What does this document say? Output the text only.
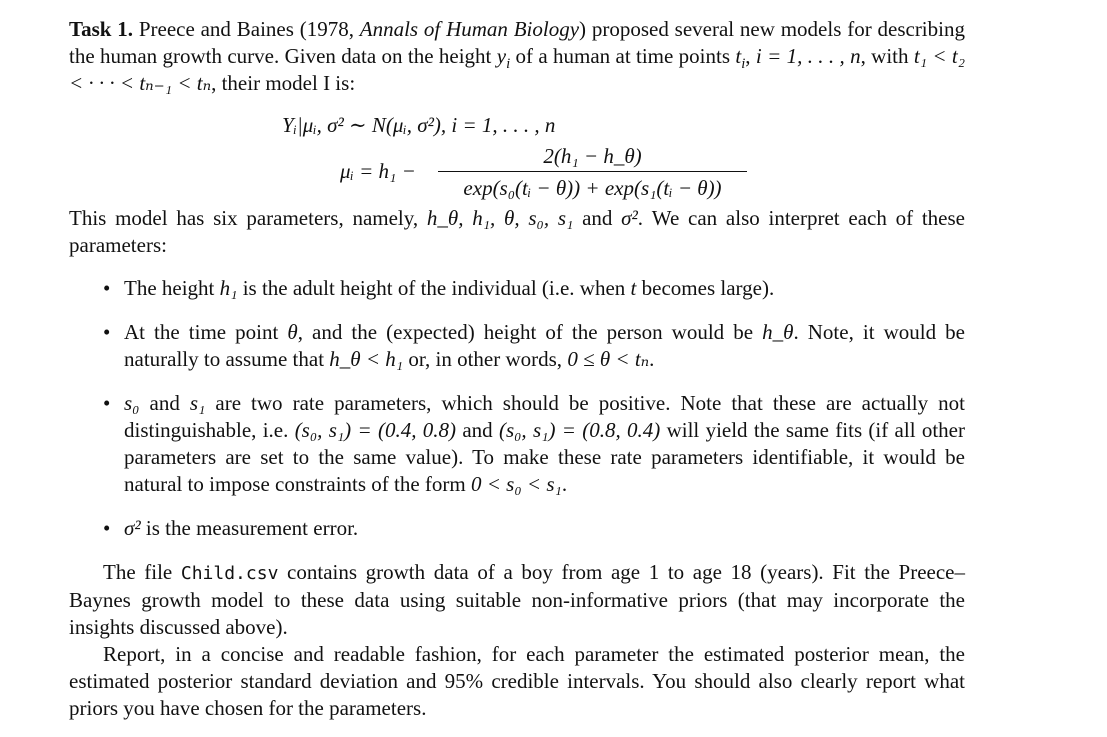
Task 1. Preece and Baines (1978, Annals of Human Biology) proposed several new models for describing the human growth curve. Given data on the height $y_i$ of a human at time points $t_i$, i = 1, . . . , n, with t₁ < t₂ < · · · < tₙ₋₁ < tₙ, their model I is:

Yᵢ|μᵢ, σ² ∼ N(μᵢ, σ²), i = 1, . . . , n
μᵢ = h₁ −
2(h₁ − h_θ)
exp(s₀(tᵢ − θ)) + exp(s₁(tᵢ − θ))

This model has six parameters, namely, h_θ, h₁, θ, s₀, s₁ and σ². We can also interpret each of these parameters:

• The height h₁ is the adult height of the individual (i.e. when t becomes large).
• At the time point θ, and the (expected) height of the person would be h_θ. Note, it would be naturally to assume that h_θ < h₁ or, in other words, 0 ≤ θ < tₙ.
• s₀ and s₁ are two rate parameters, which should be positive. Note that these are actually not distinguishable, i.e. (s₀, s₁) = (0.4, 0.8) and (s₀, s₁) = (0.8, 0.4) will yield the same fits (if all other parameters are set to the same value). To make these rate parameters identifiable, it would be natural to impose constraints of the form 0 < s₀ < s₁.
• σ² is the measurement error.

The file Child.csv contains growth data of a boy from age 1 to age 18 (years). Fit the Preece–Baynes growth model to these data using suitable non-informative priors (that may incorporate the insights discussed above).

Report, in a concise and readable fashion, for each parameter the estimated posterior mean, the estimated posterior standard deviation and 95% credible intervals. You should also clearly report what priors you have chosen for the parameters.
